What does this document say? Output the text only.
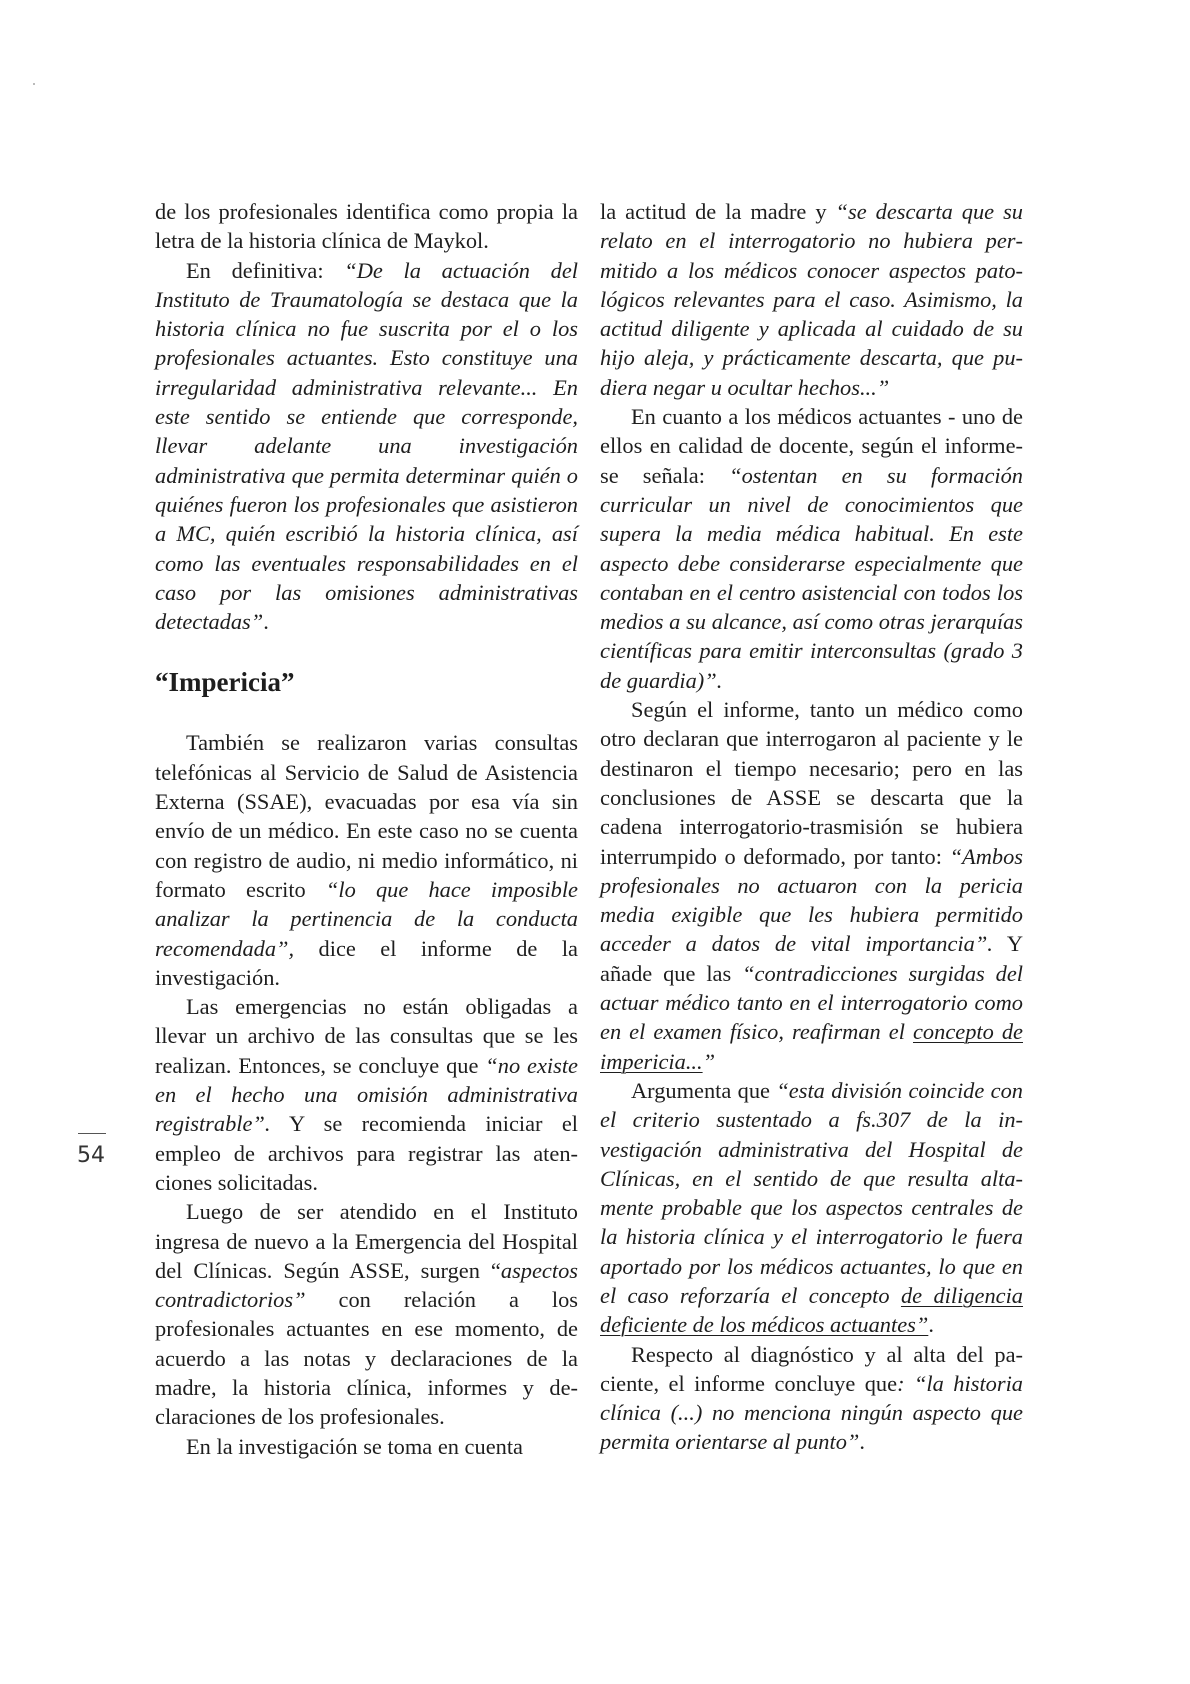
de los profesionales identifica como propia la letra de la historia clínica de Maykol.

En definitiva: “De la actuación del Instituto de Traumatología se destaca que la historia clínica no fue suscrita por el o los profesionales actuantes. Esto constituye una irregularidad administrativa relevante... En este sentido se entiende que corresponde, llevar adelante una investigación administrativa que permita determinar quién o quiénes fueron los profesionales que asistieron a MC, quién escribió la historia clínica, así como las eventuales responsabilidades en el caso por las omisiones administrativas detectadas”.

“Impericia”

También se realizaron varias consultas telefónicas al Servicio de Salud de Asistencia Externa (SSAE), evacuadas por esa vía sin envío de un médico. En este caso no se cuenta con registro de audio, ni medio informático, ni formato escrito “lo que hace imposible analizar la pertinencia de la conducta recomendada”, dice el informe de la investigación.

Las emergencias no están obligadas a llevar un archivo de las consultas que se les realizan. Entonces, se concluye que “no existe en el hecho una omisión administrativa registrable”. Y se recomienda iniciar el empleo de archivos para registrar las atenciones solicitadas.

Luego de ser atendido en el Instituto ingresa de nuevo a la Emergencia del Hospital del Clínicas. Según ASSE, surgen “aspectos contradictorios” con relación a los profesionales actuantes en ese momento, de acuerdo a las notas y declaraciones de la madre, la historia clínica, informes y declaraciones de los profesionales.

En la investigación se toma en cuenta

la actitud de la madre y “se descarta que su relato en el interrogatorio no hubiera permitido a los médicos conocer aspectos patológicos relevantes para el caso. Asimismo, la actitud diligente y aplicada al cuidado de su hijo aleja, y prácticamente descarta, que pudiera negar u ocultar hechos...”

En cuanto a los médicos actuantes - uno de ellos en calidad de docente, según el informe- se señala: “ostentan en su formación curricular un nivel de conocimientos que supera la media médica habitual. En este aspecto debe considerarse especialmente que contaban en el centro asistencial con todos los medios a su alcance, así como otras jerarquías científicas para emitir interconsultas (grado 3 de guardia)”.

Según el informe, tanto un médico como otro declaran que interrogaron al paciente y le destinaron el tiempo necesario; pero en las conclusiones de ASSE se descarta que la cadena interrogatorio-trasmisión se hubiera interrumpido o deformado, por tanto: “Ambos profesionales no actuaron con la pericia media exigible que les hubiera permitido acceder a datos de vital importancia”. Y añade que las “contradicciones surgidas del actuar médico tanto en el interrogatorio como en el examen físico, reafirman el concepto de impericia...”

Argumenta que “esta división coincide con el criterio sustentado a fs.307 de la investigación administrativa del Hospital de Clínicas, en el sentido de que resulta altamente probable que los aspectos centrales de la historia clínica y el interrogatorio le fuera aportado por los médicos actuantes, lo que en el caso reforzaría el concepto de diligencia deficiente de los médicos actuantes”.

Respecto al diagnóstico y al alta del paciente, el informe concluye que: “la historia clínica (...) no menciona ningún aspecto que permita orientarse al punto”.

54
